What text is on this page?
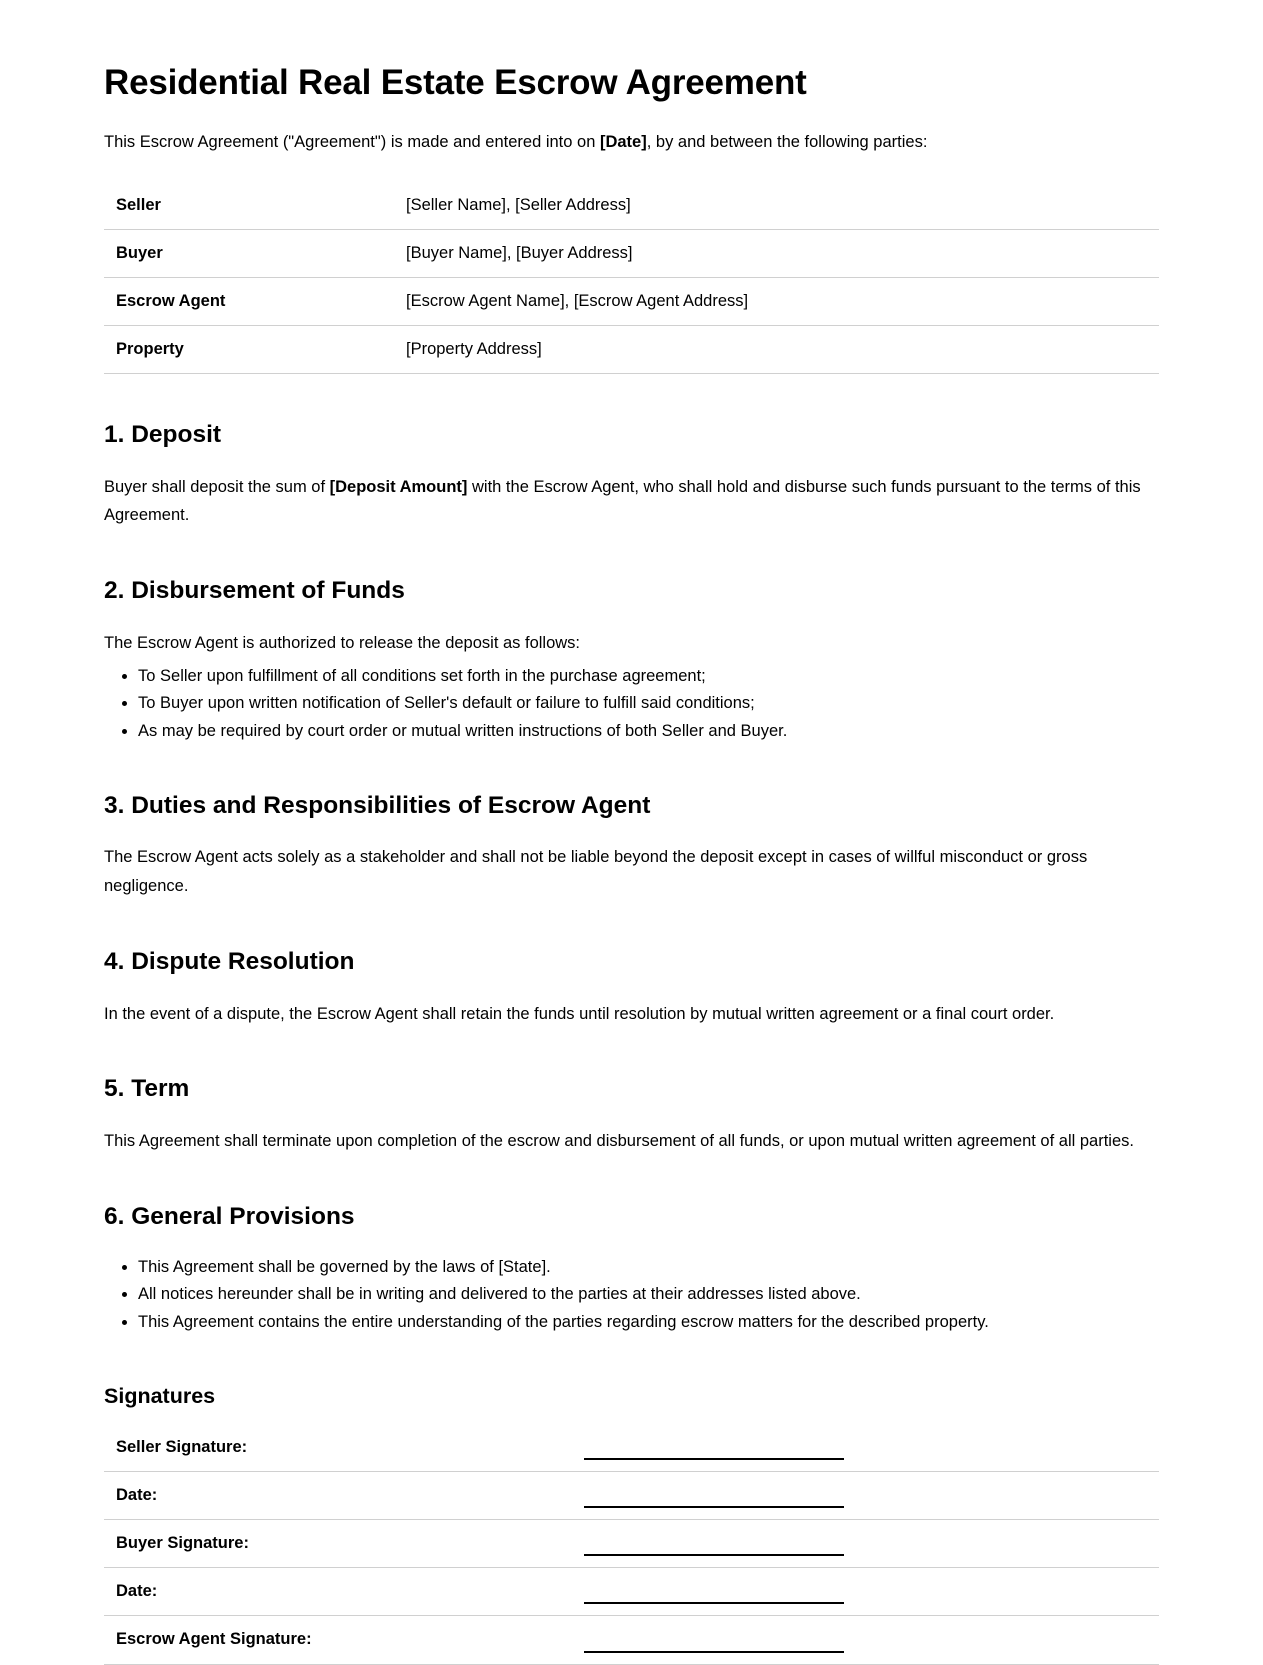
Residential Real Estate Escrow Agreement

This Escrow Agreement ("Agreement") is made and entered into on [Date], by and between the following parties:

Seller	[Seller Name], [Seller Address]
Buyer	[Buyer Name], [Buyer Address]
Escrow Agent	[Escrow Agent Name], [Escrow Agent Address]
Property	[Property Address]
1. Deposit

Buyer shall deposit the sum of [Deposit Amount] with the Escrow Agent, who shall hold and disburse such funds pursuant to the terms of this Agreement.

2. Disbursement of Funds

The Escrow Agent is authorized to release the deposit as follows:

• To Seller upon fulfillment of all conditions set forth in the purchase agreement;
• To Buyer upon written notification of Seller's default or failure to fulfill said conditions;
• As may be required by court order or mutual written instructions of both Seller and Buyer.
3. Duties and Responsibilities of Escrow Agent

The Escrow Agent acts solely as a stakeholder and shall not be liable beyond the deposit except in cases of willful misconduct or gross negligence.

4. Dispute Resolution

In the event of a dispute, the Escrow Agent shall retain the funds until resolution by mutual written agreement or a final court order.

5. Term

This Agreement shall terminate upon completion of the escrow and disbursement of all funds, or upon mutual written agreement of all parties.

6. General Provisions
• This Agreement shall be governed by the laws of [State].
• All notices hereunder shall be in writing and delivered to the parties at their addresses listed above.
• This Agreement contains the entire understanding of the parties regarding escrow matters for the described property.
Signatures
Seller Signature:	

Date:	

Buyer Signature:	

Date:	

Escrow Agent Signature:	
